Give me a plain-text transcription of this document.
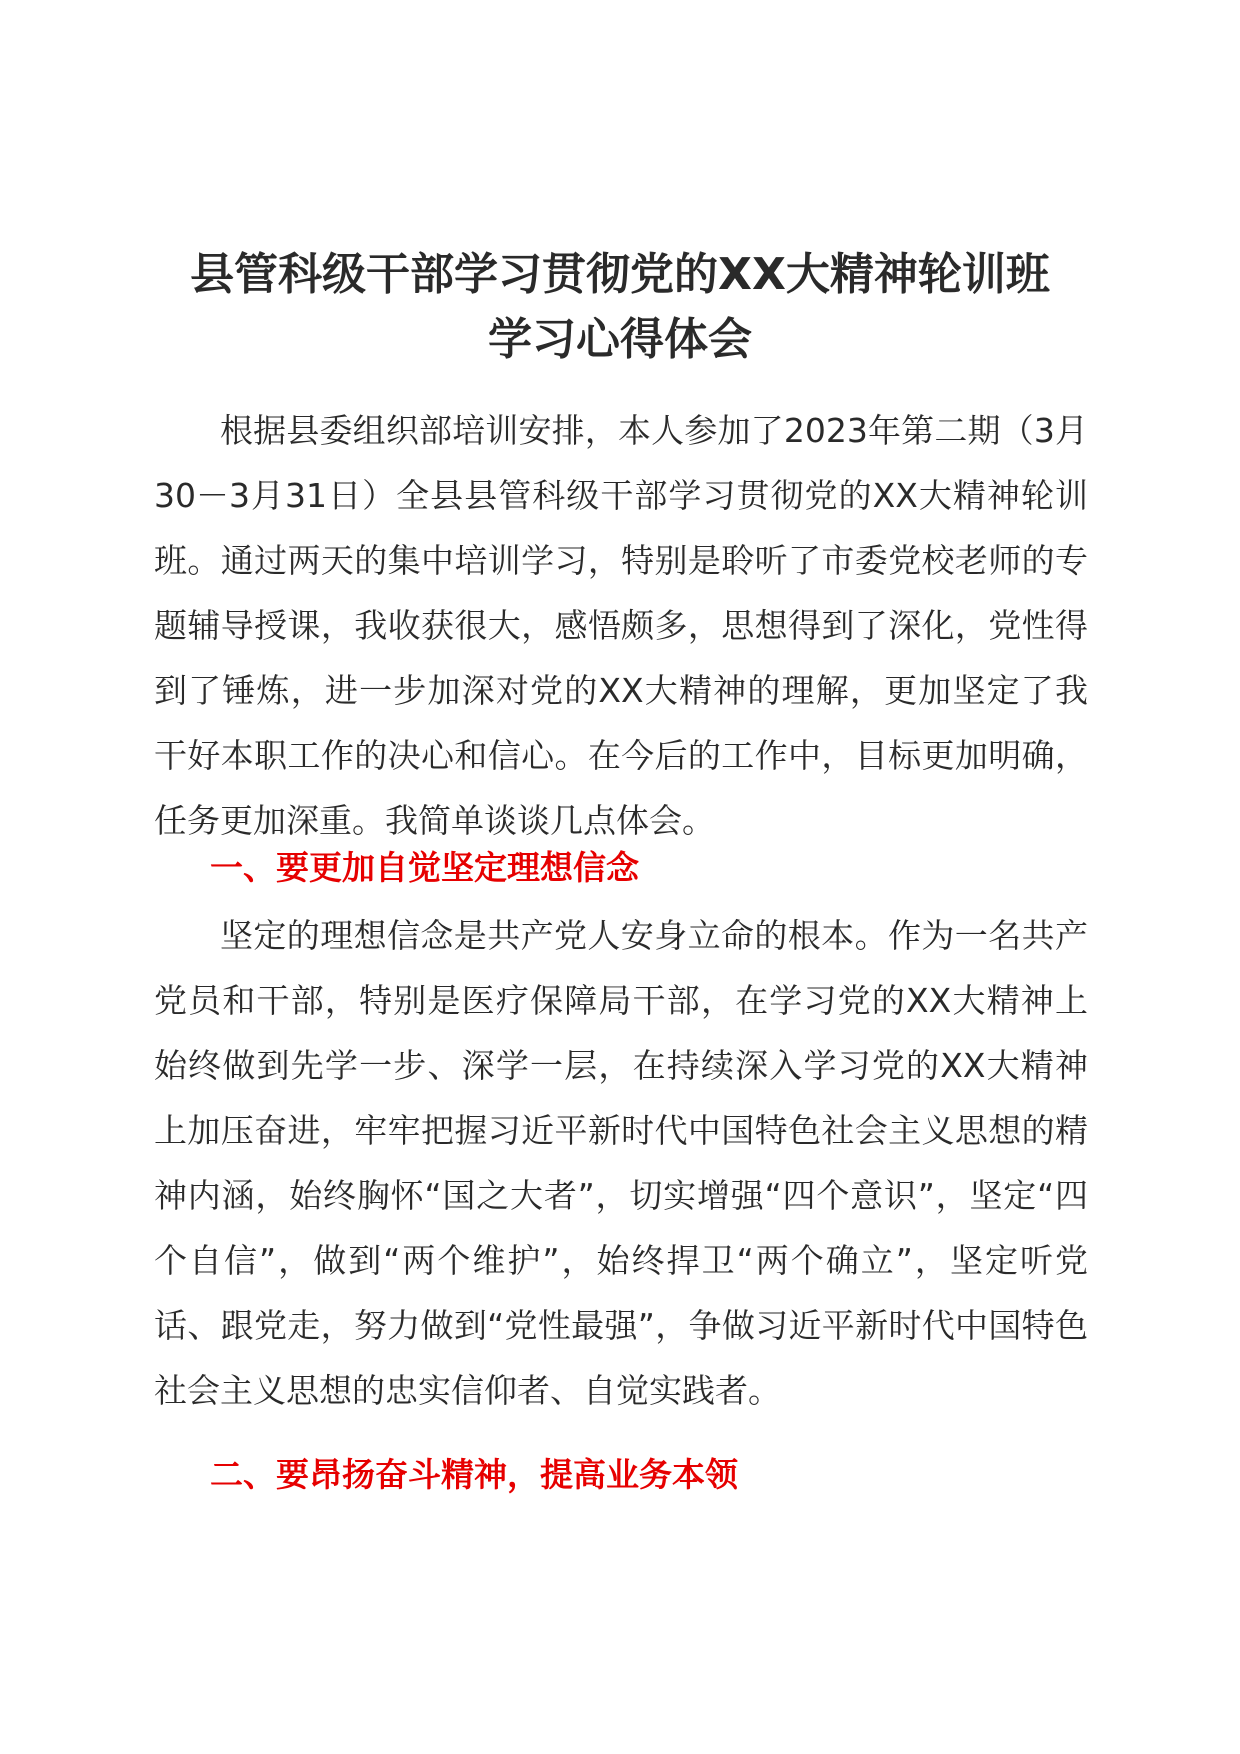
县管科级干部学习贯彻党的XX大精神轮训班
学习心得体会

根据县委组织部培训安排，本人参加了2023年第二期（3月30－3月31日）全县县管科级干部学习贯彻党的XX大精神轮训班。通过两天的集中培训学习，特别是聆听了市委党校老师的专题辅导授课，我收获很大，感悟颇多，思想得到了深化，党性得到了锤炼，进一步加深对党的XX大精神的理解，更加坚定了我干好本职工作的决心和信心。在今后的工作中，目标更加明确，任务更加深重。我简单谈谈几点体会。

一、要更加自觉坚定理想信念

坚定的理想信念是共产党人安身立命的根本。作为一名共产党员和干部，特别是医疗保障局干部，在学习党的XX大精神上始终做到先学一步、深学一层，在持续深入学习党的XX大精神上加压奋进，牢牢把握习近平新时代中国特色社会主义思想的精神内涵，始终胸怀“国之大者”，切实增强“四个意识”，坚定“四个自信”，做到“两个维护”，始终捍卫“两个确立”，坚定听党话、跟党走，努力做到“党性最强”，争做习近平新时代中国特色社会主义思想的忠实信仰者、自觉实践者。

二、要昂扬奋斗精神，提高业务本领
